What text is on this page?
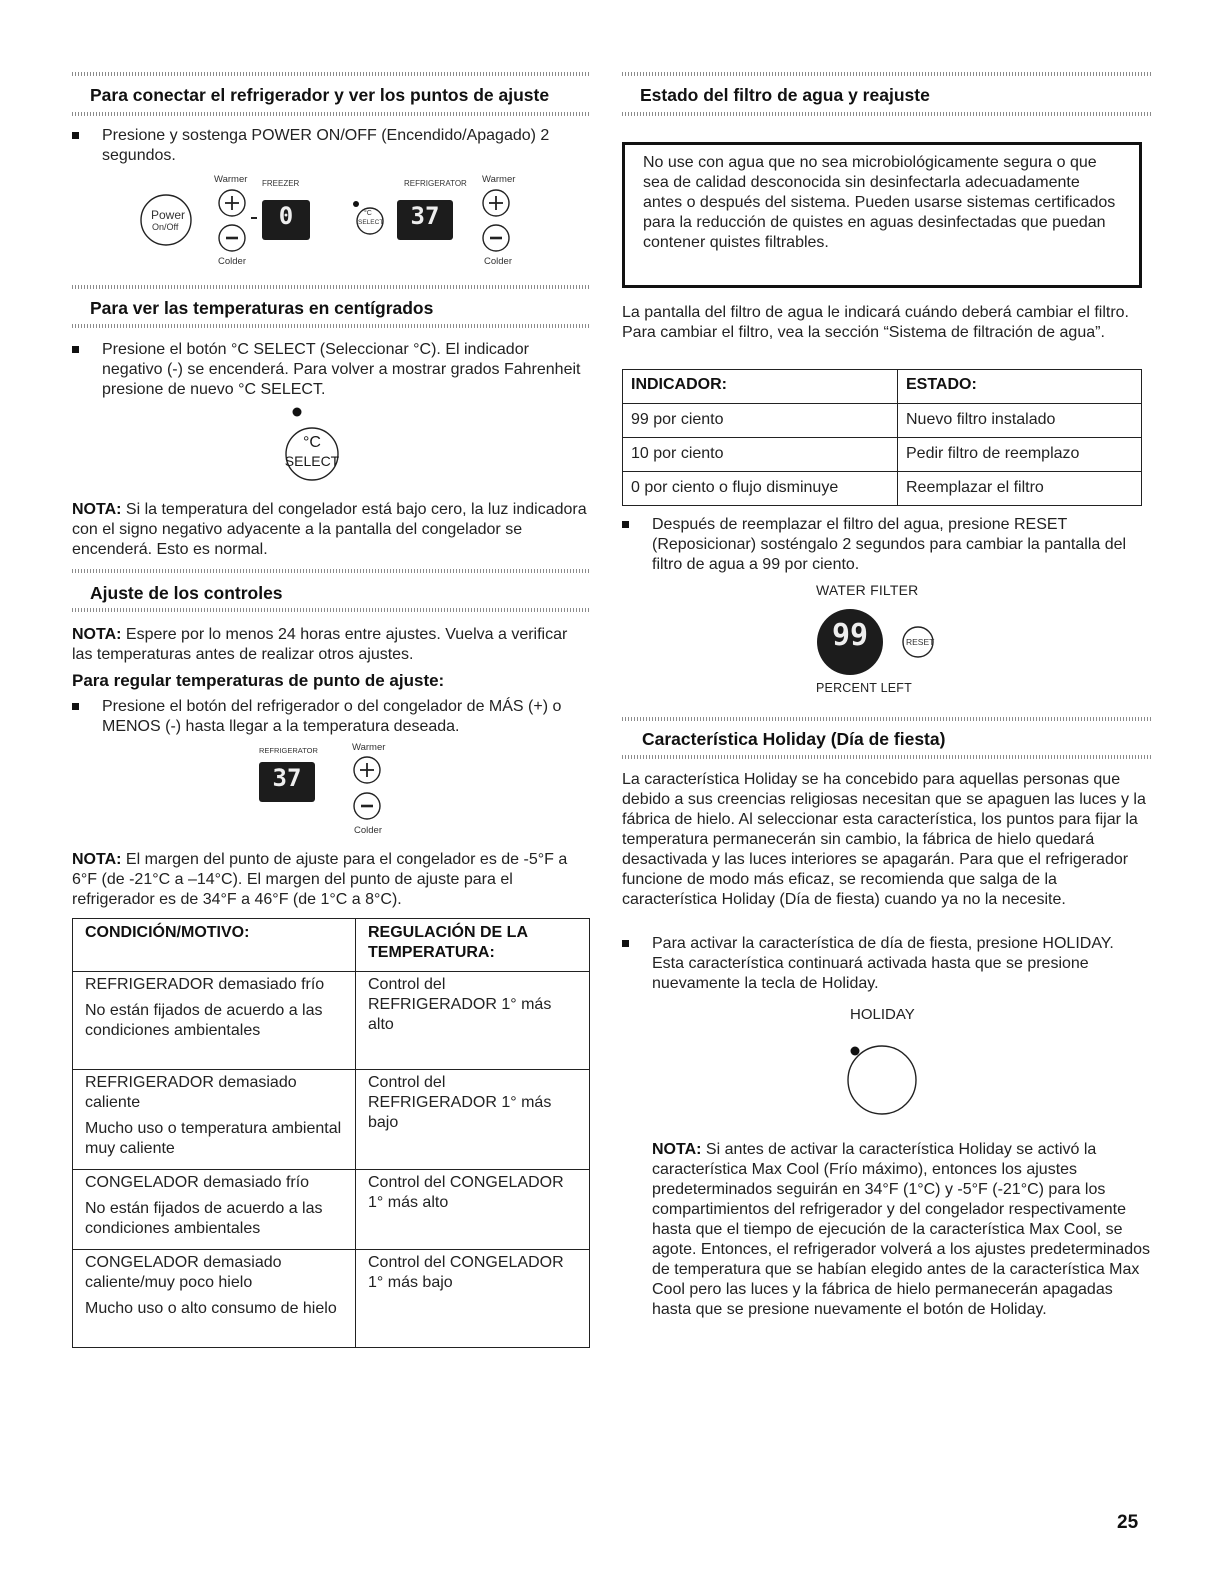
Para conectar el refrigerador y ver los puntos de ajuste
Presione y sostenga POWER ON/OFF (Encendido/Apagado) 2 segundos.
Warmer FREEZER	REFRIGERATOR Warmer
Power
On/Off	0	°C
SELECT	37
Colder	Colder
Para ver las temperaturas en centígrados
Presione el botón °C SELECT (Seleccionar °C). El indicador negativo (-) se encenderá. Para volver a mostrar grados Fahrenheit presione de nuevo °C SELECT.
°C
SELECT
NOTA: Si la temperatura del congelador está bajo cero, la luz indicadora con el signo negativo adyacente a la pantalla del congelador se encenderá. Esto es normal.
Ajuste de los controles
NOTA: Espere por lo menos 24 horas entre ajustes. Vuelva a verificar las temperaturas antes de realizar otros ajustes.
Para regular temperaturas de punto de ajuste:
Presione el botón del refrigerador o del congelador de MÁS (+) o MENOS (-) hasta llegar a la temperatura deseada.
REFRIGERATOR	Warmer
37
Colder
NOTA: El margen del punto de ajuste para el congelador es de -5°F a 6°F (de -21°C a –14°C). El margen del punto de ajuste para el refrigerador es de 34°F a 46°F (de 1°C a 8°C).
CONDICIÓN/MOTIVO:	REGULACIÓN DE LA TEMPERATURA:

REFRIGERADOR demasiado frío
No están fijados de acuerdo a las condiciones ambientales	Control del REFRIGERADOR 1° más alto

REFRIGERADOR demasiado caliente
Mucho uso o temperatura ambiental muy caliente	Control del REFRIGERADOR 1° más bajo

CONGELADOR demasiado frío
No están fijados de acuerdo a las condiciones ambientales	Control del CONGELADOR 1° más alto

CONGELADOR demasiado caliente/muy poco hielo
Mucho uso o alto consumo de hielo	Control del CONGELADOR 1° más bajo
Estado del filtro de agua y reajuste
No use con agua que no sea microbiológicamente segura o que sea de calidad desconocida sin desinfectarla adecuadamente antes o después del sistema. Pueden usarse sistemas certificados para la reducción de quistes en aguas desinfectadas que puedan contener quistes filtrables.
La pantalla del filtro de agua le indicará cuándo deberá cambiar el filtro. Para cambiar el filtro, vea la sección “Sistema de filtración de agua”.
INDICADOR:	ESTADO:
99 por ciento	Nuevo filtro instalado
10 por ciento	Pedir filtro de reemplazo
0 por ciento o flujo disminuye	Reemplazar el filtro
Después de reemplazar el filtro del agua, presione RESET (Reposicionar) sosténgalo 2 segundos para cambiar la pantalla del filtro de agua a 99 por ciento.
WATER FILTER
99	RESET
PERCENT LEFT
Característica Holiday (Día de fiesta)
La característica Holiday se ha concebido para aquellas personas que debido a sus creencias religiosas necesitan que se apaguen las luces y la fábrica de hielo. Al seleccionar esta característica, los puntos para fijar la temperatura permanecerán sin cambio, la fábrica de hielo quedará desactivada y las luces interiores se apagarán. Para que el refrigerador funcione de modo más eficaz, se recomienda que salga de la característica Holiday (Día de fiesta) cuando ya no la necesite.
Para activar la característica de día de fiesta, presione HOLIDAY. Esta característica continuará activada hasta que se presione nuevamente la tecla de Holiday.
HOLIDAY
NOTA: Si antes de activar la característica Holiday se activó la característica Max Cool (Frío máximo), entonces los ajustes predeterminados seguirán en 34°F (1°C) y -5°F (-21°C) para los compartimientos del refrigerador y del congelador respectivamente hasta que el tiempo de ejecución de la característica Max Cool, se agote. Entonces, el refrigerador volverá a los ajustes predeterminados de temperatura que se habían elegido antes de la característica Max Cool pero las luces y la fábrica de hielo permanecerán apagadas hasta que se presione nuevamente el botón de Holiday.
25
